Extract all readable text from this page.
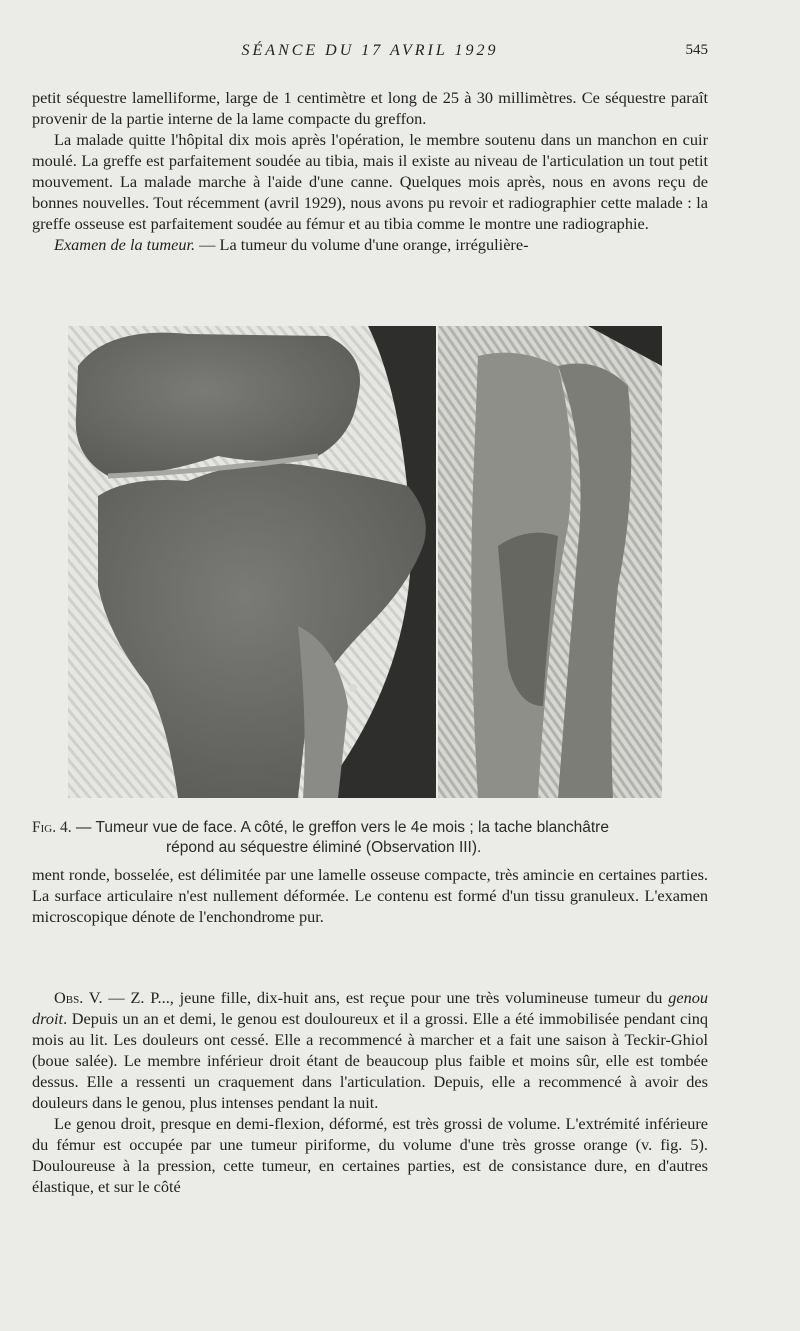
SÉANCE DU 17 AVRIL 1929	545

petit séquestre lamelliforme, large de 1 centimètre et long de 25 à 30 millimètres. Ce séquestre paraît provenir de la partie interne de la lame compacte du greffon.

La malade quitte l'hôpital dix mois après l'opération, le membre soutenu dans un manchon en cuir moulé. La greffe est parfaitement soudée au tibia, mais il existe au niveau de l'articulation un tout petit mouvement. La malade marche à l'aide d'une canne. Quelques mois après, nous en avons reçu de bonnes nouvelles. Tout récemment (avril 1929), nous avons pu revoir et radiographier cette malade : la greffe osseuse est parfaitement soudée au fémur et au tibia comme le montre une radiographie.

Examen de la tumeur. — La tumeur du volume d'une orange, irrégulière-

Fig. 4. — Tumeur vue de face. A côté, le greffon vers le 4e mois ; la tache blanchâtre
répond au séquestre éliminé (Observation III).

ment ronde, bosselée, est délimitée par une lamelle osseuse compacte, très amincie en certaines parties. La surface articulaire n'est nullement déformée. Le contenu est formé d'un tissu granuleux. L'examen microscopique dénote de l'enchondrome pur.

Obs. V. — Z. P..., jeune fille, dix-huit ans, est reçue pour une très volumineuse tumeur du genou droit. Depuis un an et demi, le genou est douloureux et il a grossi. Elle a été immobilisée pendant cinq mois au lit. Les douleurs ont cessé. Elle a recommencé à marcher et a fait une saison à Teckir-Ghiol (boue salée). Le membre inférieur droit étant de beaucoup plus faible et moins sûr, elle est tombée dessus. Elle a ressenti un craquement dans l'articulation. Depuis, elle a recommencé à avoir des douleurs dans le genou, plus intenses pendant la nuit.

Le genou droit, presque en demi-flexion, déformé, est très grossi de volume. L'extrémité inférieure du fémur est occupée par une tumeur piriforme, du volume d'une très grosse orange (v. fig. 5). Douloureuse à la pression, cette tumeur, en certaines parties, est de consistance dure, en d'autres élastique, et sur le côté
